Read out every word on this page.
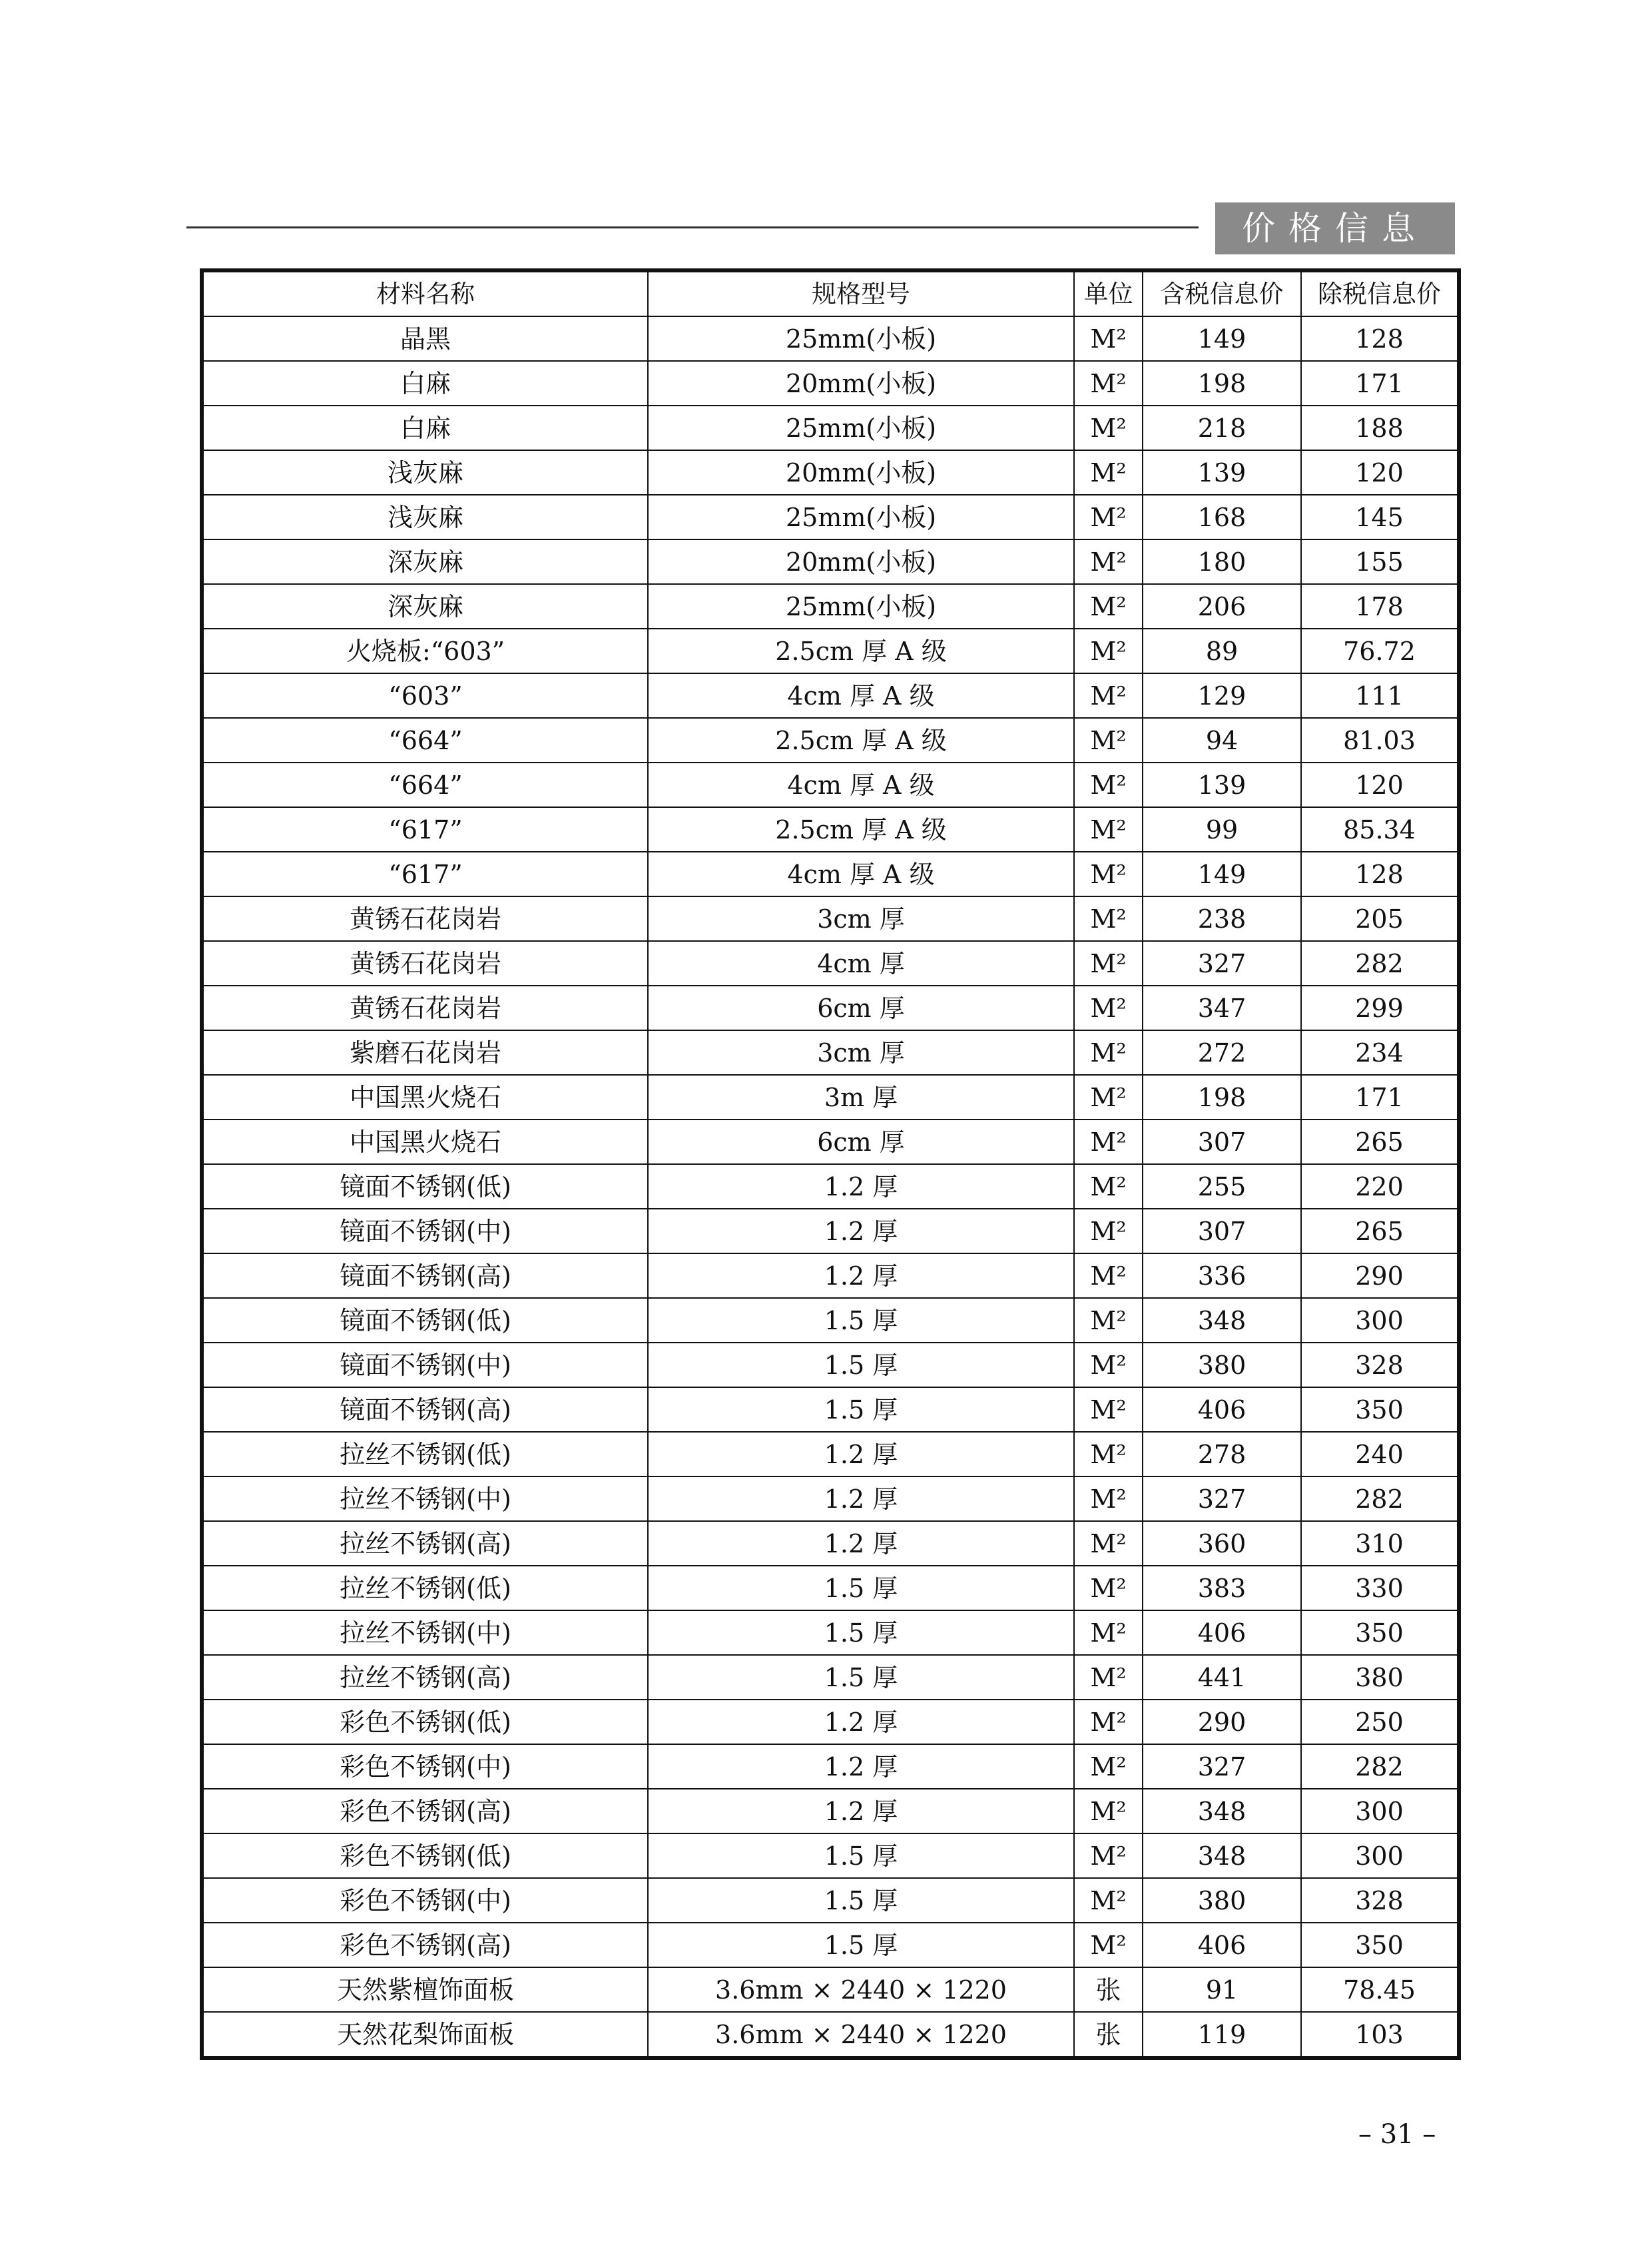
价格信息
材料名称	规格型号	单位	含税信息价	除税信息价
晶黑	25mm(小板)	M²	149	128
白麻	20mm(小板)	M²	198	171
白麻	25mm(小板)	M²	218	188
浅灰麻	20mm(小板)	M²	139	120
浅灰麻	25mm(小板)	M²	168	145
深灰麻	20mm(小板)	M²	180	155
深灰麻	25mm(小板)	M²	206	178
火烧板:“603”	2.5cm 厚 A 级	M²	89	76.72
“603”	4cm 厚 A 级	M²	129	111
“664”	2.5cm 厚 A 级	M²	94	81.03
“664”	4cm 厚 A 级	M²	139	120
“617”	2.5cm 厚 A 级	M²	99	85.34
“617”	4cm 厚 A 级	M²	149	128
黄锈石花岗岩	3cm 厚	M²	238	205
黄锈石花岗岩	4cm 厚	M²	327	282
黄锈石花岗岩	6cm 厚	M²	347	299
紫磨石花岗岩	3cm 厚	M²	272	234
中国黑火烧石	3m 厚	M²	198	171
中国黑火烧石	6cm 厚	M²	307	265
镜面不锈钢(低)	1.2 厚	M²	255	220
镜面不锈钢(中)	1.2 厚	M²	307	265
镜面不锈钢(高)	1.2 厚	M²	336	290
镜面不锈钢(低)	1.5 厚	M²	348	300
镜面不锈钢(中)	1.5 厚	M²	380	328
镜面不锈钢(高)	1.5 厚	M²	406	350
拉丝不锈钢(低)	1.2 厚	M²	278	240
拉丝不锈钢(中)	1.2 厚	M²	327	282
拉丝不锈钢(高)	1.2 厚	M²	360	310
拉丝不锈钢(低)	1.5 厚	M²	383	330
拉丝不锈钢(中)	1.5 厚	M²	406	350
拉丝不锈钢(高)	1.5 厚	M²	441	380
彩色不锈钢(低)	1.2 厚	M²	290	250
彩色不锈钢(中)	1.2 厚	M²	327	282
彩色不锈钢(高)	1.2 厚	M²	348	300
彩色不锈钢(低)	1.5 厚	M²	348	300
彩色不锈钢(中)	1.5 厚	M²	380	328
彩色不锈钢(高)	1.5 厚	M²	406	350
天然紫檀饰面板	3.6mm × 2440 × 1220	张	91	78.45
天然花梨饰面板	3.6mm × 2440 × 1220	张	119	103
– 31 –
